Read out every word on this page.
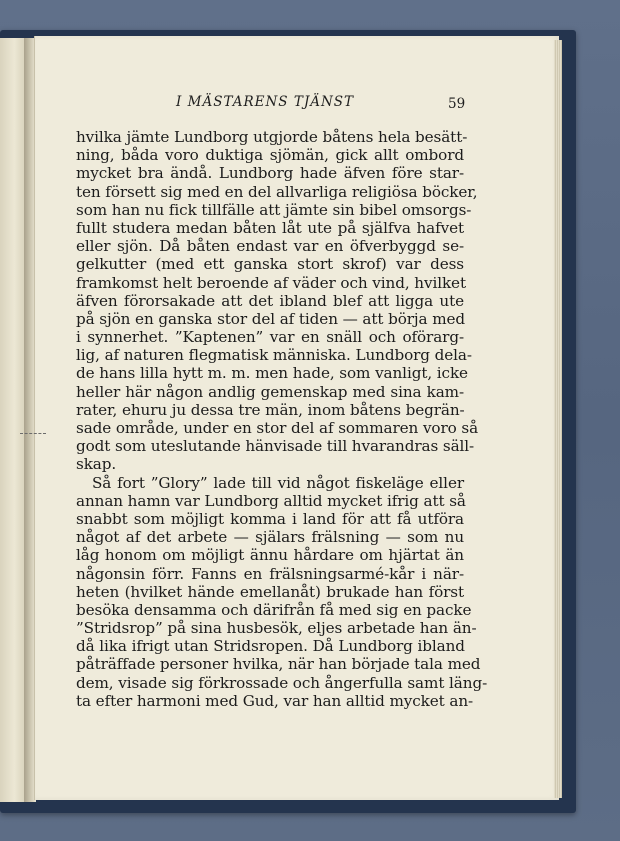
I MÄSTARENS TJÄNST	59
hvilka jämte Lundborg utgjorde båtens hela besätt-
ning, båda voro duktiga sjömän, gick allt ombord
mycket bra ändå. Lundborg hade äfven före star-
ten försett sig med en del allvarliga religiösa böcker,
som han nu fick tillfälle att jämte sin bibel omsorgs-
fullt studera medan båten låt ute på själfva hafvet
eller sjön. Då båten endast var en öfverbyggd se-
gelkutter (med ett ganska stort skrof) var dess
framkomst helt beroende af väder och vind, hvilket
äfven förorsakade att det ibland blef att ligga ute
på sjön en ganska stor del af tiden — att börja med
i synnerhet. ”Kaptenen” var en snäll och oförarg-
lig, af naturen flegmatisk människa. Lundborg dela-
de hans lilla hytt m. m. men hade, som vanligt, icke
heller här någon andlig gemenskap med sina kam-
rater, ehuru ju dessa tre män, inom båtens begrän-
sade område, under en stor del af sommaren voro så
godt som uteslutande hänvisade till hvarandras säll-
skap.
Så fort ”Glory” lade till vid något fiskeläge eller
annan hamn var Lundborg alltid mycket ifrig att så
snabbt som möjligt komma i land för att få utföra
något af det arbete — själars frälsning — som nu
låg honom om möjligt ännu hårdare om hjärtat än
någonsin förr. Fanns en frälsningsarmé-kår i när-
heten (hvilket hände emellanåt) brukade han först
besöka densamma och därifrån få med sig en packe
”Stridsrop” på sina husbesök, eljes arbetade han än-
då lika ifrigt utan Stridsropen. Då Lundborg ibland
påträffade personer hvilka, när han började tala med
dem, visade sig förkrossade och ångerfulla samt läng-
ta efter harmoni med Gud, var han alltid mycket an-
